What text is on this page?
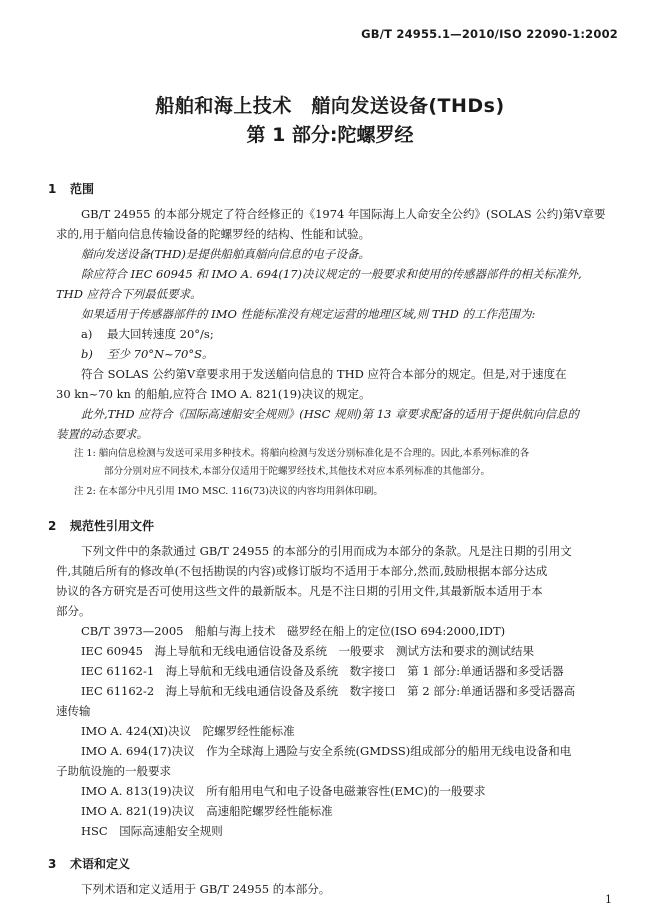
GB/T 24955.1—2010/ISO 22090-1:2002
船舶和海上技术　艏向发送设备(THDs)
第 1 部分:陀螺罗经
1 范围
GB/T 24955 的本部分规定了符合经修正的《1974 年国际海上人命安全公约》(SOLAS 公约)第Ⅴ章要
求的,用于艏向信息传输设备的陀螺罗经的结构、性能和试验。
艏向发送设备(THD)是提供船舶真艏向信息的电子设备。
除应符合 IEC 60945 和 IMO A. 694(17)决议规定的一般要求和使用的传感器部件的相关标准外,
THD 应符合下列最低要求。
如果适用于传感器部件的 IMO 性能标准没有规定运营的地理区域,则 THD 的工作范围为:
a) 最大回转速度 20°/s;
b) 至少 70°N~70°S。
符合 SOLAS 公约第Ⅴ章要求用于发送艏向信息的 THD 应符合本部分的规定。但是,对于速度在
30 kn~70 kn 的船舶,应符合 IMO A. 821(19)决议的规定。
此外,THD 应符合《国际高速船安全规则》(HSC 规则)第 13 章要求配备的适用于提供航向信息的
装置的动态要求。
注 1: 艏向信息检测与发送可采用多种技术。将艏向检测与发送分别标准化是不合理的。因此,本系列标准的各
部分分别对应不同技术,本部分仅适用于陀螺罗经技术,其他技术对应本系列标准的其他部分。
注 2: 在本部分中凡引用 IMO MSC. 116(73)决议的内容均用斜体印刷。
2 规范性引用文件
下列文件中的条款通过 GB/T 24955 的本部分的引用而成为本部分的条款。凡是注日期的引用文
件,其随后所有的修改单(不包括勘误的内容)或修订版均不适用于本部分,然而,鼓励根据本部分达成
协议的各方研究是否可使用这些文件的最新版本。凡是不注日期的引用文件,其最新版本适用于本
部分。
CB/T 3973—2005　船舶与海上技术　磁罗经在船上的定位(ISO 694:2000,IDT)
IEC 60945　海上导航和无线电通信设备及系统　一般要求　测试方法和要求的测试结果
IEC 61162-1　海上导航和无线电通信设备及系统　数字接口　第 1 部分:单通话器和多受话器
IEC 61162-2　海上导航和无线电通信设备及系统　数字接口　第 2 部分:单通话器和多受话器高
速传输
IMO A. 424(Ⅺ)决议　陀螺罗经性能标准
IMO A. 694(17)决议　作为全球海上遇险与安全系统(GMDSS)组成部分的船用无线电设备和电
子助航设施的一般要求
IMO A. 813(19)决议　所有船用电气和电子设备电磁兼容性(EMC)的一般要求
IMO A. 821(19)决议　高速船陀螺罗经性能标准
HSC　国际高速船安全规则
3 术语和定义
下列术语和定义适用于 GB/T 24955 的本部分。
1
